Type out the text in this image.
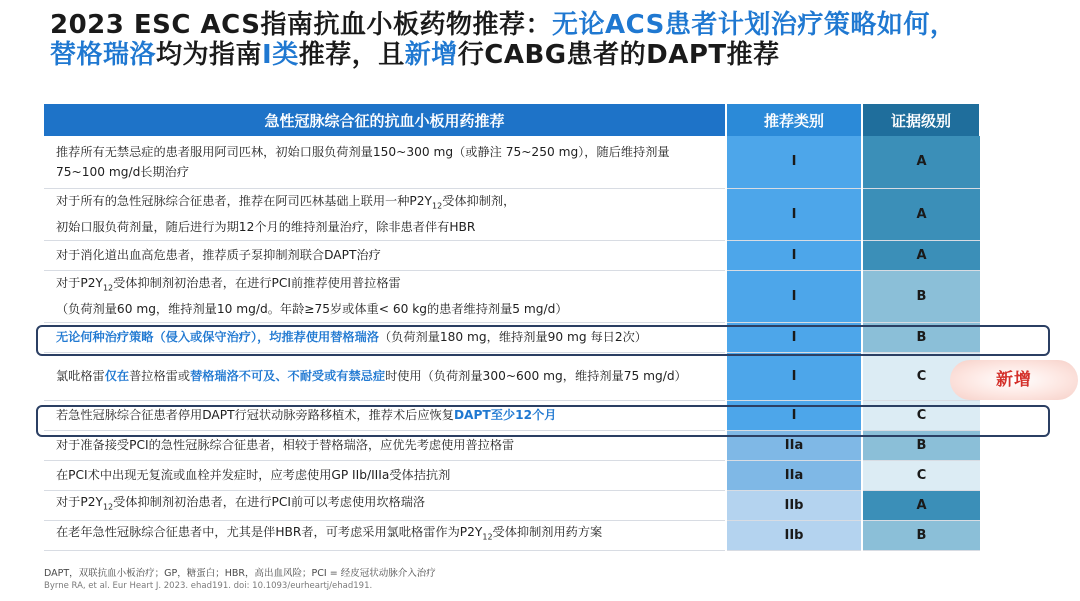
2023 ESC ACS指南抗血小板药物推荐：无论ACS患者计划治疗策略如何，
替格瑞洛均为指南I类推荐，且新增行CABG患者的DAPT推荐
急性冠脉综合征的抗血小板用药推荐	推荐类别	证据级别
推荐所有无禁忌症的患者服用阿司匹林，初始口服负荷剂量150~300 mg（或静注 75~250 mg），随后维持剂量75~100 mg/d长期治疗	I	A
对于所有的急性冠脉综合征患者，推荐在阿司匹林基础上联用一种$P2Y_{12}$受体抑制剂，
初始口服负荷剂量，随后进行为期12个月的维持剂量治疗，除非患者伴有HBR	I	A
对于消化道出血高危患者，推荐质子泵抑制剂联合DAPT治疗	I	A
对于$P2Y_{12}$受体抑制剂初治患者，在进行PCI前推荐使用普拉格雷
（负荷剂量60 mg，维持剂量10 mg/d。年龄≥75岁或体重< 60 kg的患者维持剂量5 mg/d）	I	B
无论何种治疗策略（侵入或保守治疗），均推荐使用替格瑞洛（负荷剂量180 mg，维持剂量90 mg 每日2次）	I	B
氯吡格雷仅在普拉格雷或替格瑞洛不可及、不耐受或有禁忌症时使用（负荷剂量300~600 mg，维持剂量75 mg/d）	I	C
若急性冠脉综合征患者停用DAPT行冠状动脉旁路移植术，推荐术后应恢复DAPT至少12个月	I	C
对于准备接受PCI的急性冠脉综合征患者，相较于替格瑞洛，应优先考虑使用普拉格雷	IIa	B
在PCI术中出现无复流或血栓并发症时，应考虑使用GP IIb/IIIa受体拮抗剂	IIa	C
对于$P2Y_{12}$受体抑制剂初治患者，在进行PCI前可以考虑使用坎格瑞洛	IIb	A
在老年急性冠脉综合征患者中，尤其是伴HBR者，可考虑采用氯吡格雷作为$P2Y_{12}$受体抑制剂用药方案	IIb	B
新增
DAPT，双联抗血小板治疗；GP，糖蛋白；HBR，高出血风险；PCI = 经皮冠状动脉介入治疗
Byrne RA, et al. Eur Heart J. 2023. ehad191. doi: 10.1093/eurheartj/ehad191.
